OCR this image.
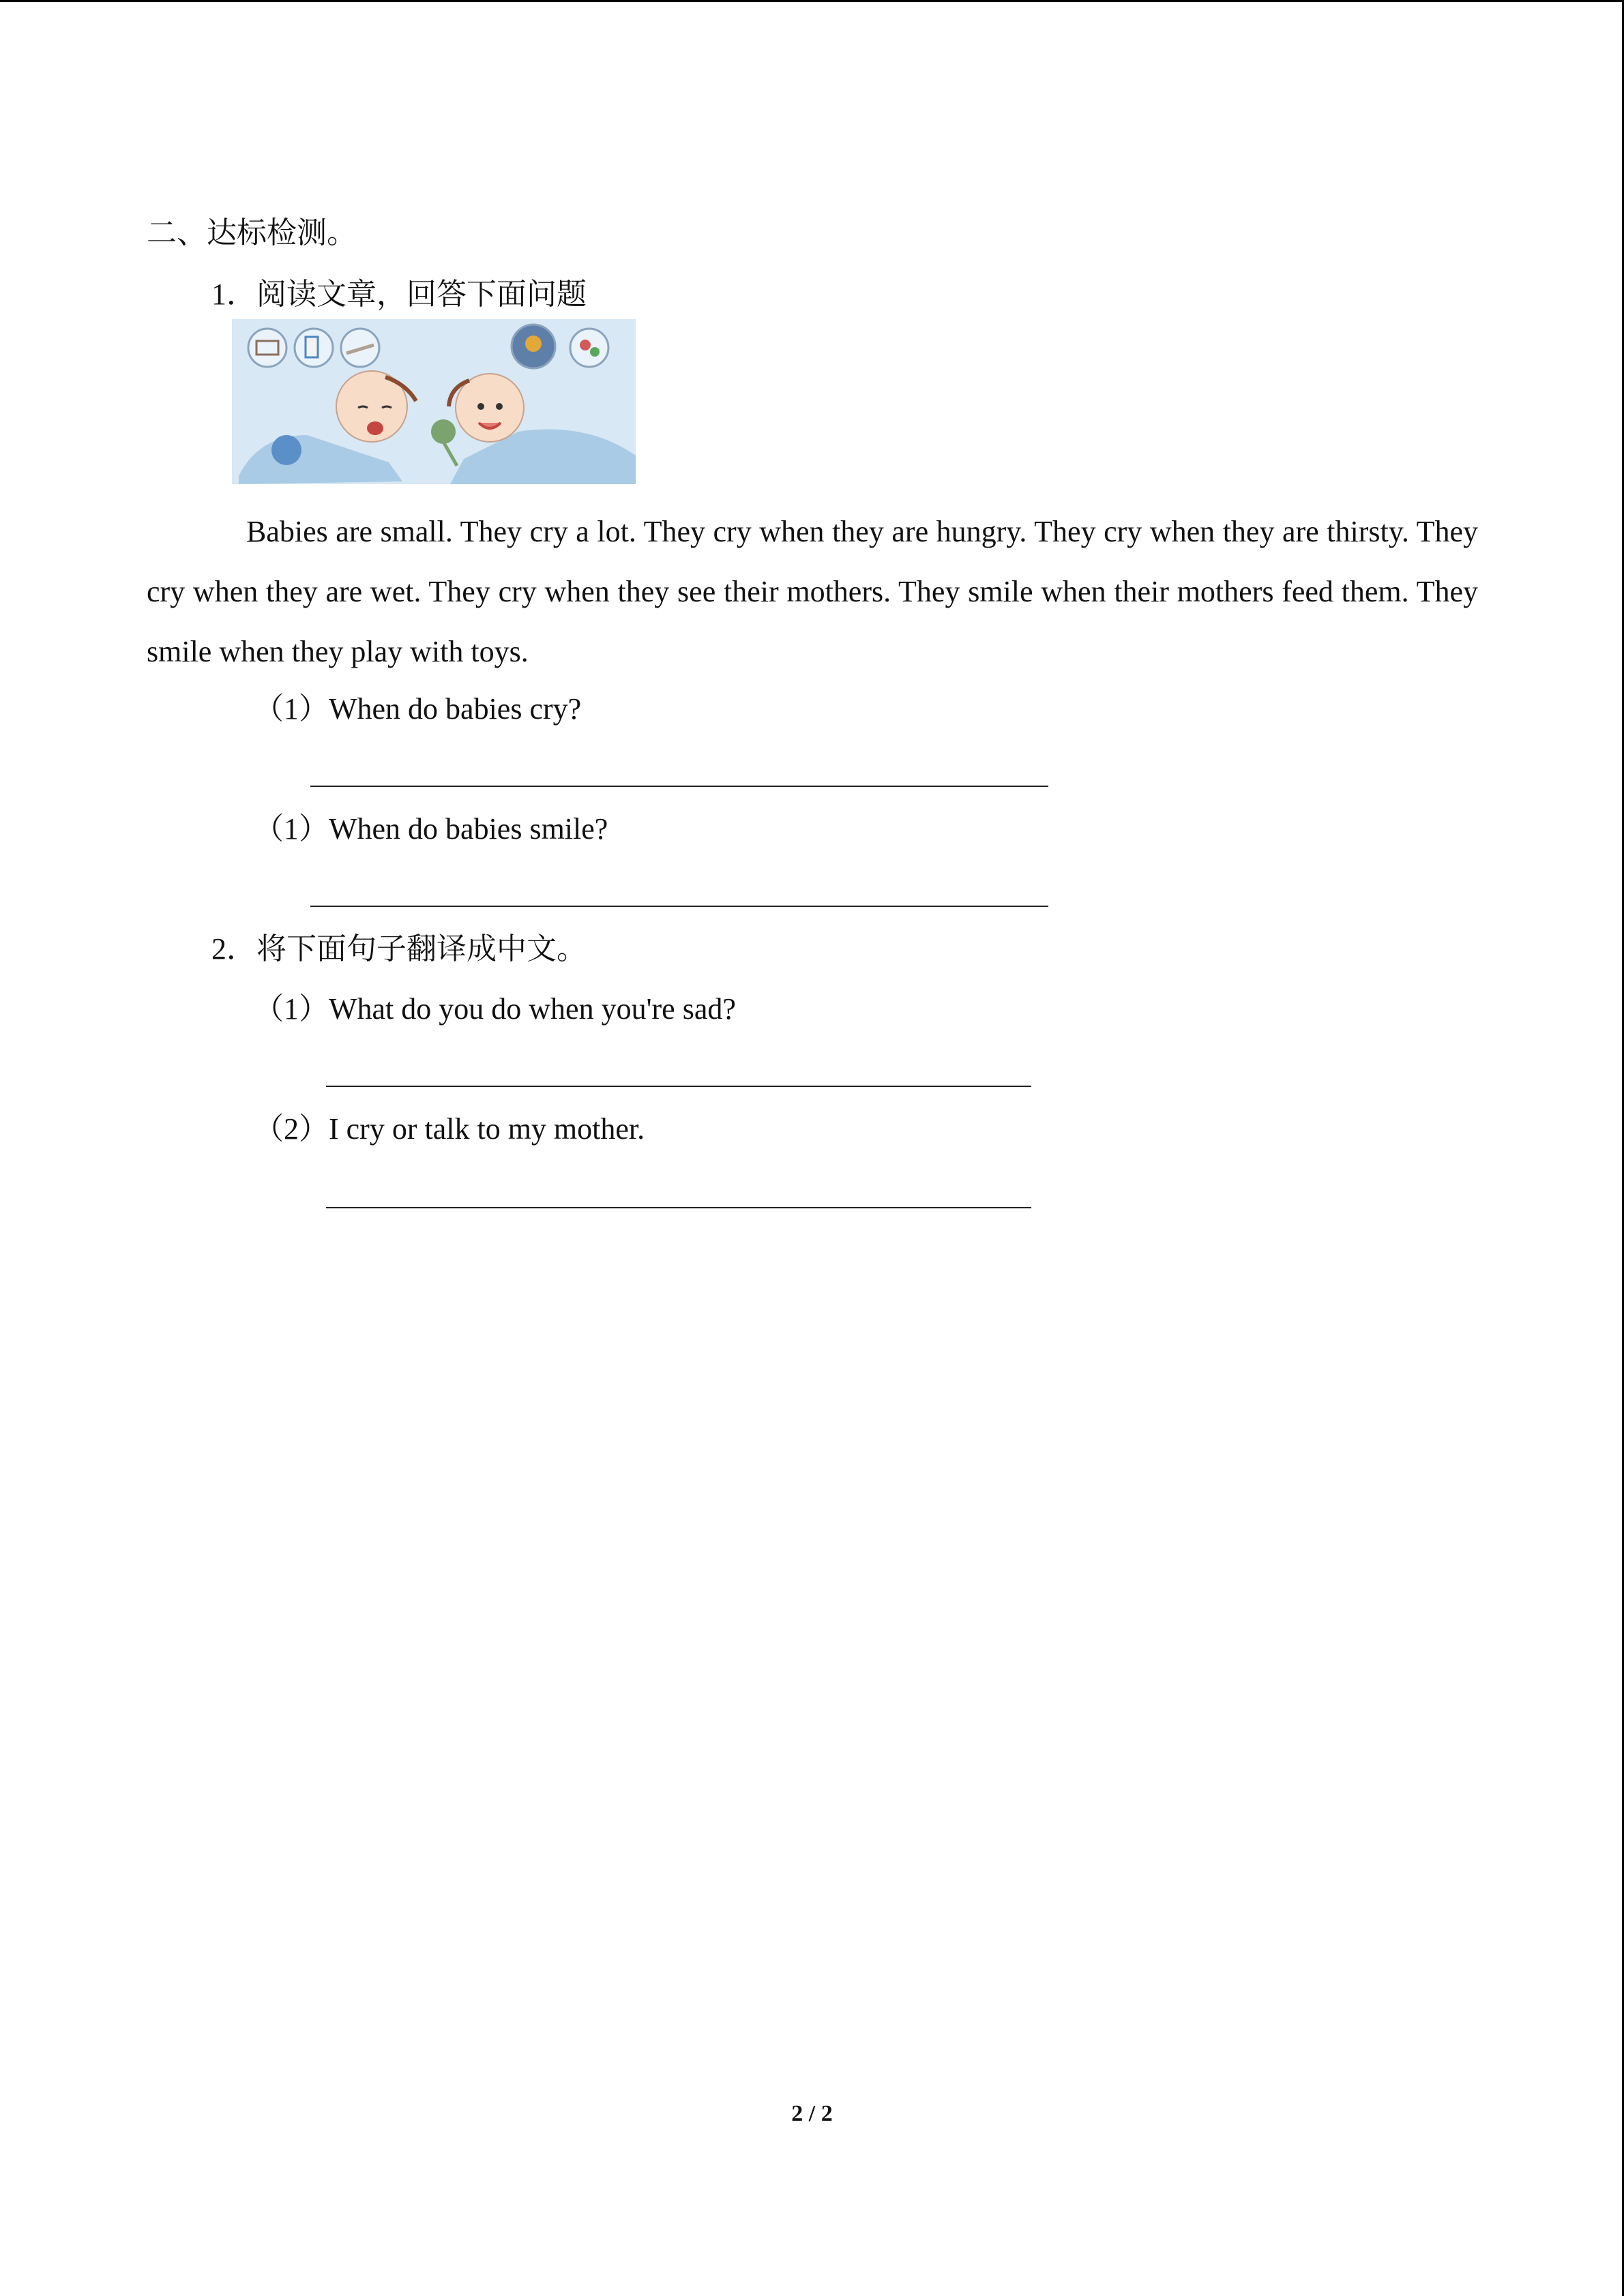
二、达标检测。
1．阅读文章，回答下面问题
Babies are small. They cry a lot. They cry when they are hungry. They cry when they are thirsty. They cry when they are wet. They cry when they see their mothers. They smile when their mothers feed them. They smile when they play with toys.
（1）When do babies cry?
（1）When do babies smile?
2．将下面句子翻译成中文。
（1）What do you do when you're sad?
（2）I cry or talk to my mother.
2 / 2
